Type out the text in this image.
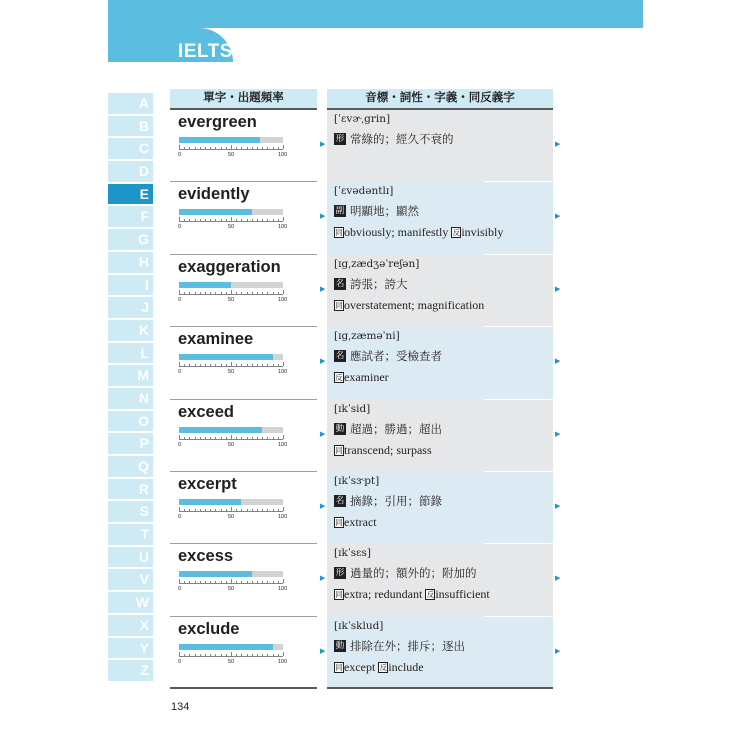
IELTS
A
B
C
D
E
F
G
H
I
J
K
L
M
N
O
P
Q
R
S
T
U
V
W
X
Y
Z
單字・出題頻率	音標・詞性・字義・同反義字
evergreen
0	50	100
▶
[ˈɛvɚˌgrin]
形 常綠的；經久不衰的	▶
evidently
0	50	100
▶
[ˈɛvədəntlɪ]
副 明顯地；顯然
同 obviously; manifestly 反 invisibly
▶
exaggeration
0	50	100
▶
[ɪgˌzædʒəˈreʃən]
名 誇張；誇大
同 overstatement; magnification
▶
examinee
0	50	100
▶
[ɪgˌzæməˈni]
名 應試者；受檢查者
反 examiner
▶
exceed
0	50	100
▶
[ɪkˈsid]
動 超過；勝過；超出
同 transcend; surpass
▶
excerpt
0	50	100
▶
[ɪkˈsɝpt]
名 摘錄；引用；節錄
同 extract
▶
excess
0	50	100
▶
[ɪkˈsɛs]
形 過量的；額外的；附加的
同 extra; redundant 反 insufficient
▶
exclude
0	50	100
▶
[ɪkˈsklud]
動 排除在外；排斥；逐出
同 except 反 include
▶
134
